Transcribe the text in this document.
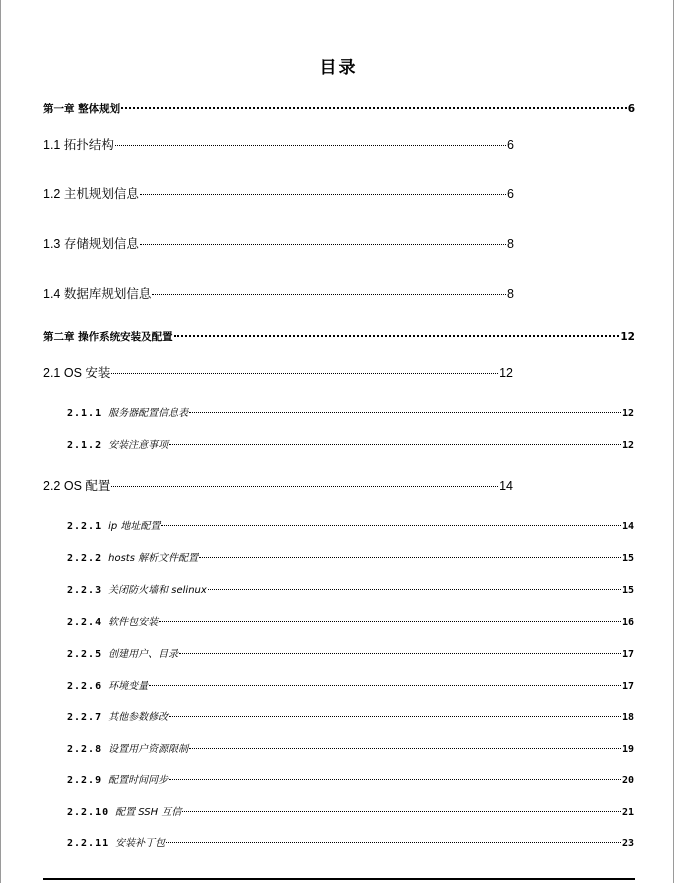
目录
第一章 整体规划	6
1.1 拓扑结构	6
1.2 主机规划信息	6
1.3 存储规划信息	8
1.4 数据库规划信息	8
第二章 操作系统安装及配置	12
2.1 OS 安装	12
2.1.1 服务器配置信息表	12
2.1.2 安装注意事项	12
2.2 OS 配置	14
2.2.1 ip 地址配置	14
2.2.2 hosts 解析文件配置	15
2.2.3 关闭防火墙和 selinux	15
2.2.4 软件包安装	16
2.2.5 创建用户、目录	17
2.2.6 环境变量	17
2.2.7 其他参数修改	18
2.2.8 设置用户资源限制	19
2.2.9 配置时间同步	20
2.2.10 配置 SSH 互信	21
2.2.11 安装补丁包	23
